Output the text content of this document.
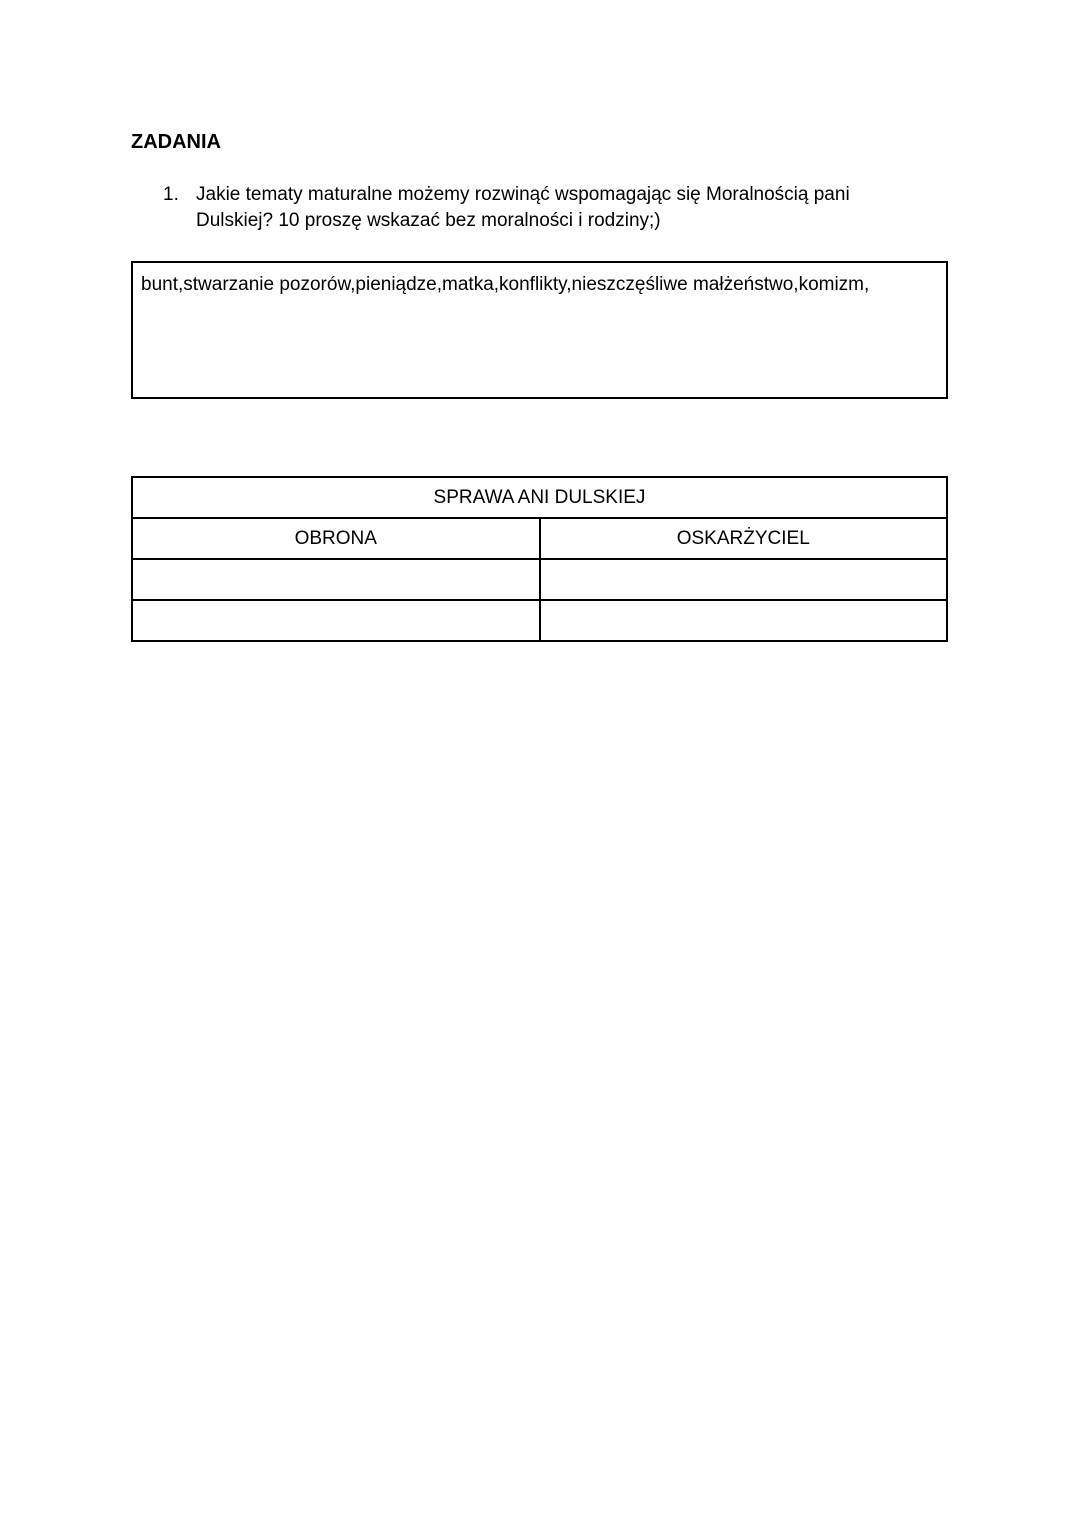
ZADANIA
1. Jakie tematy maturalne możemy rozwinąć wspomagając się Moralnością pani
Dulskiej? 10 proszę wskazać bez moralności i rodziny;)
bunt,stwarzanie pozorów,pieniądze,matka,konflikty,nieszczęśliwe małżeństwo,komizm,
SPRAWA ANI DULSKIEJ	
OBRONA	OSKARŻYCIEL
